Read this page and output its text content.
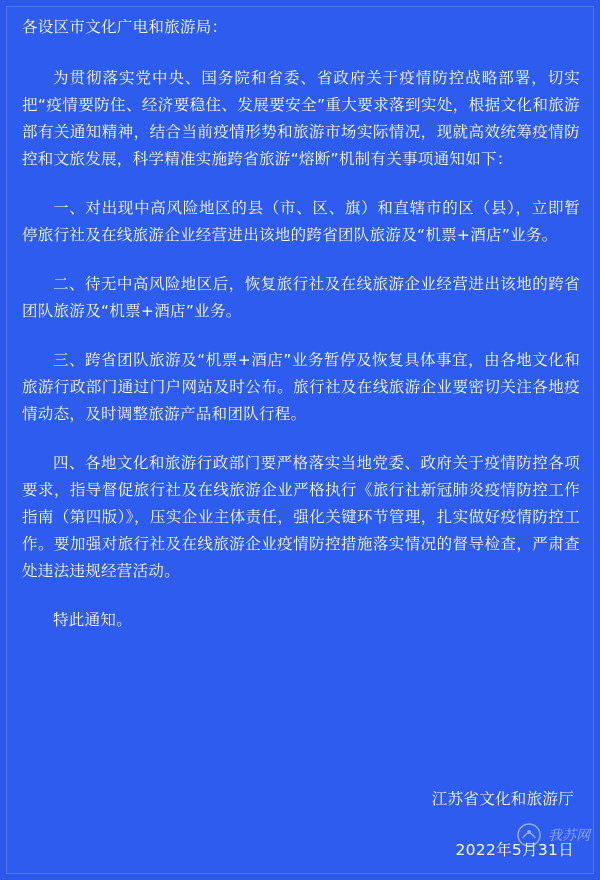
各设区市文化广电和旅游局：

为贯彻落实党中央、国务院和省委、省政府关于疫情防控战略部署，切实把“疫情要防住、经济要稳住、发展要安全”重大要求落到实处，根据文化和旅游部有关通知精神，结合当前疫情形势和旅游市场实际情况，现就高效统筹疫情防控和文旅发展，科学精准实施跨省旅游“熔断”机制有关事项通知如下：

一、对出现中高风险地区的县（市、区、旗）和直辖市的区（县），立即暂停旅行社及在线旅游企业经营进出该地的跨省团队旅游及“机票+酒店”业务。

二、待无中高风险地区后，恢复旅行社及在线旅游企业经营进出该地的跨省团队旅游及“机票+酒店”业务。

三、跨省团队旅游及“机票+酒店”业务暂停及恢复具体事宜，由各地文化和旅游行政部门通过门户网站及时公布。旅行社及在线旅游企业要密切关注各地疫情动态，及时调整旅游产品和团队行程。

四、各地文化和旅游行政部门要严格落实当地党委、政府关于疫情防控各项要求，指导督促旅行社及在线旅游企业严格执行《旅行社新冠肺炎疫情防控工作指南（第四版）》，压实企业主体责任，强化关键环节管理，扎实做好疫情防控工作。要加强对旅行社及在线旅游企业疫情防控措施落实情况的督导检查，严肃查处违法违规经营活动。

特此通知。
江苏省文化和旅游厅
我苏网
2022年5月31日
